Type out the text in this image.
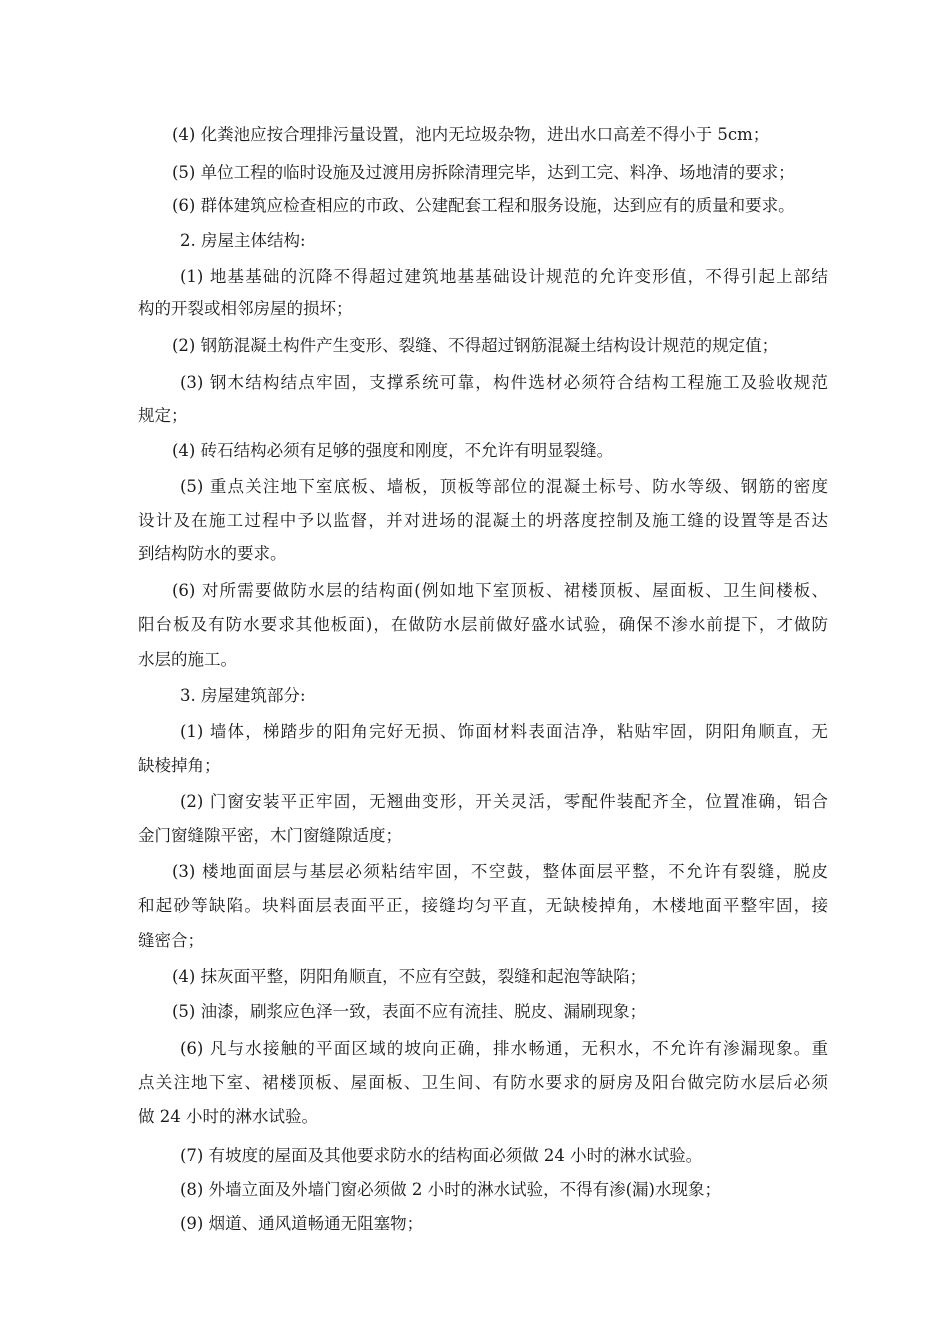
(4) 化粪池应按合理排污量设置，池内无垃圾杂物，进出水口高差不得小于 5cm；
(5) 单位工程的临时设施及过渡用房拆除清理完毕，达到工完、料净、场地清的要求；
(6) 群体建筑应检查相应的市政、公建配套工程和服务设施，达到应有的质量和要求。
2. 房屋主体结构:
(1) 地基基础的沉降不得超过建筑地基基础设计规范的允许变形值，不得引起上部结
构的开裂或相邻房屋的损坏；
(2) 钢筋混凝土构件产生变形、裂缝、不得超过钢筋混凝土结构设计规范的规定值；
(3) 钢木结构结点牢固，支撑系统可靠，构件选材必须符合结构工程施工及验收规范
规定；
(4) 砖石结构必须有足够的强度和刚度，不允许有明显裂缝。
(5) 重点关注地下室底板、墙板，顶板等部位的混凝土标号、防水等级、钢筋的密度
设计及在施工过程中予以监督，并对进场的混凝土的坍落度控制及施工缝的设置等是否达
到结构防水的要求。
(6) 对所需要做防水层的结构面(例如地下室顶板、裙楼顶板、屋面板、卫生间楼板、
阳台板及有防水要求其他板面)，在做防水层前做好盛水试验，确保不渗水前提下，才做防
水层的施工。
3. 房屋建筑部分:
(1) 墙体，梯踏步的阳角完好无损、饰面材料表面洁净，粘贴牢固，阴阳角顺直，无
缺棱掉角；
(2) 门窗安装平正牢固，无翘曲变形，开关灵活，零配件装配齐全，位置准确，铝合
金门窗缝隙平密，木门窗缝隙适度；
(3) 楼地面面层与基层必须粘结牢固，不空鼓，整体面层平整，不允许有裂缝，脱皮
和起砂等缺陷。块料面层表面平正，接缝均匀平直，无缺棱掉角，木楼地面平整牢固，接
缝密合；
(4) 抹灰面平整，阴阳角顺直，不应有空鼓，裂缝和起泡等缺陷；
(5) 油漆，刷浆应色泽一致，表面不应有流挂、脱皮、漏刷现象；
(6) 凡与水接触的平面区域的坡向正确，排水畅通，无积水，不允许有渗漏现象。重
点关注地下室、裙楼顶板、屋面板、卫生间、有防水要求的厨房及阳台做完防水层后必须
做 24 小时的淋水试验。
(7) 有坡度的屋面及其他要求防水的结构面必须做 24 小时的淋水试验。
(8) 外墙立面及外墙门窗必须做 2 小时的淋水试验，不得有渗(漏)水现象；
(9) 烟道、通风道畅通无阻塞物；
